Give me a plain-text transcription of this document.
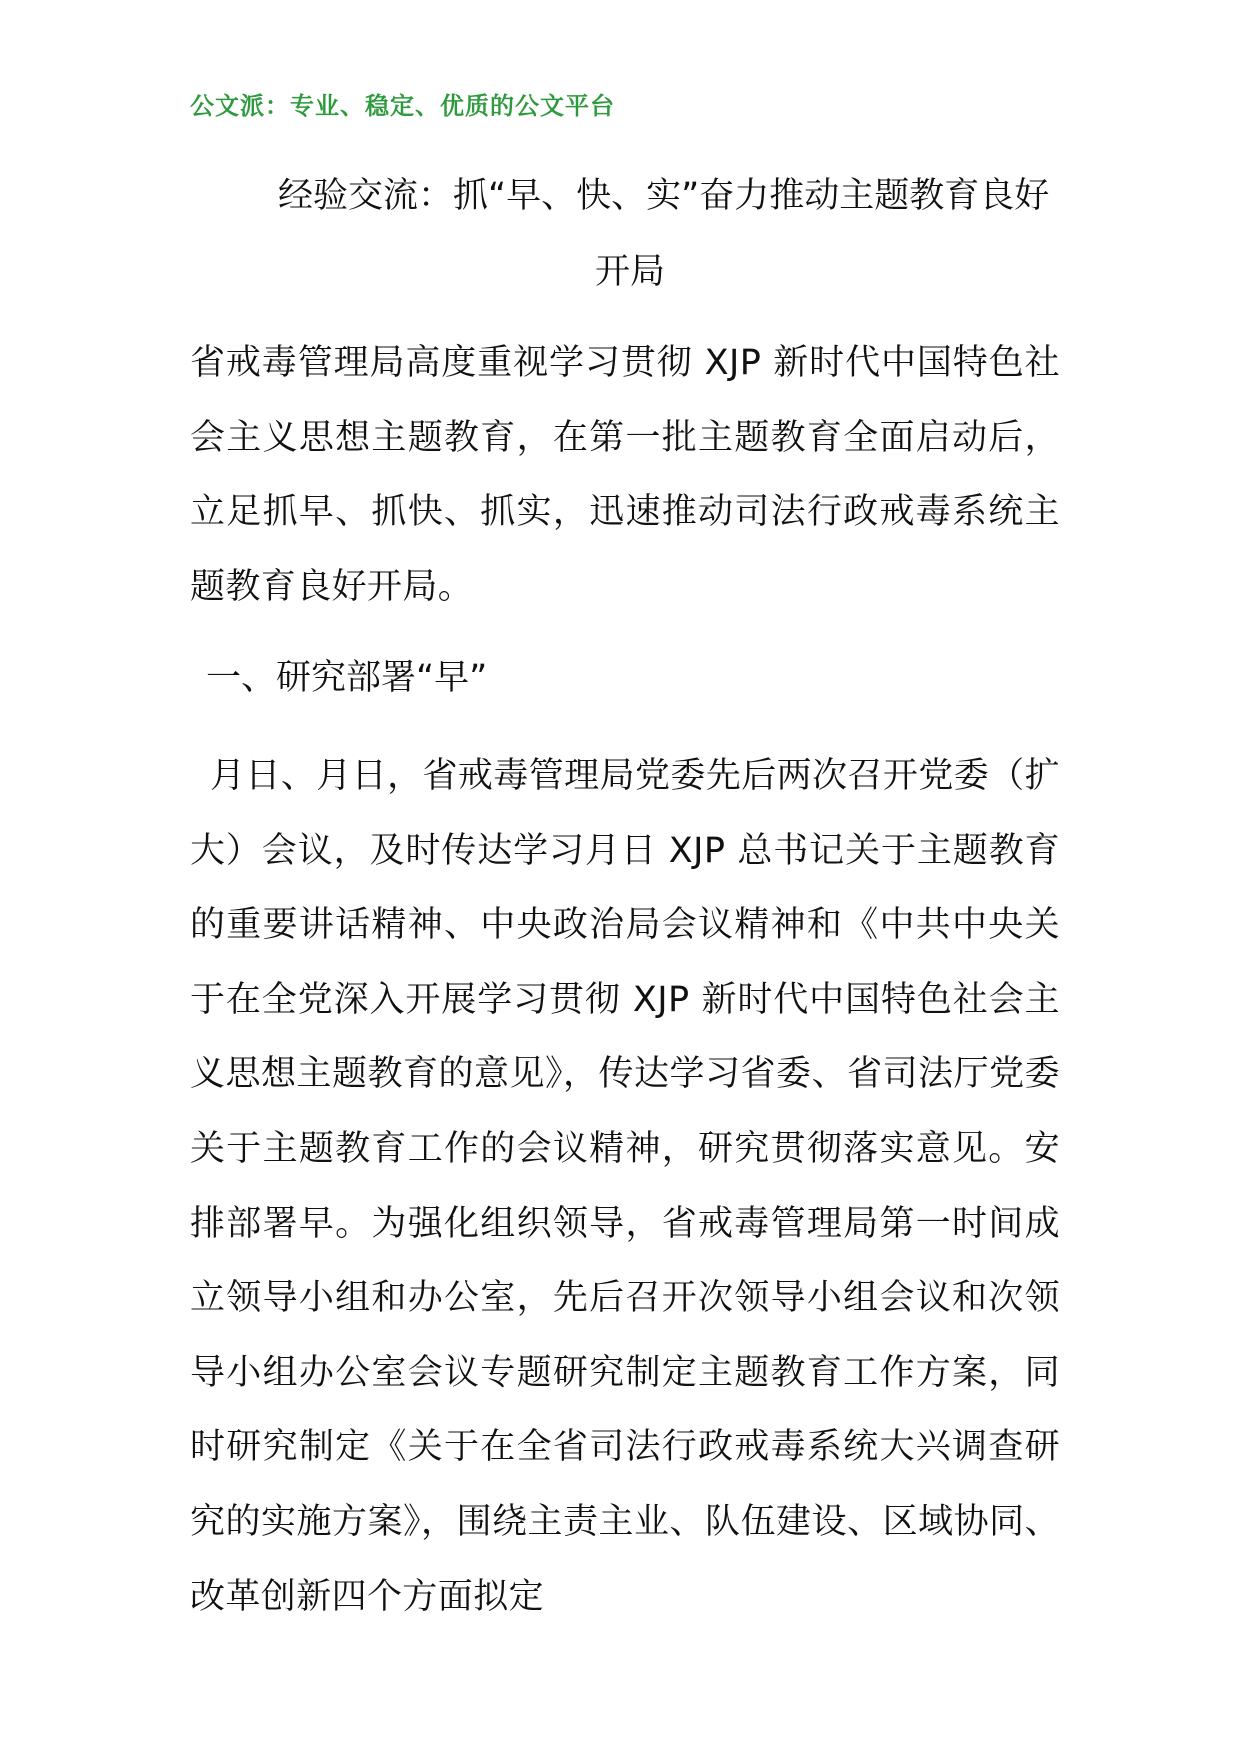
公文派：专业、稳定、优质的公文平台
经验交流：抓“早、快、实”奋力推动主题教育良好
开局
省戒毒管理局高度重视学习贯彻 XJP 新时代中国特色社会主义思想主题教育，在第一批主题教育全面启动后，立足抓早、抓快、抓实，迅速推动司法行政戒毒系统主题教育良好开局。
一、研究部署“早”
月日、月日，省戒毒管理局党委先后两次召开党委（扩大）会议，及时传达学习月日 XJP 总书记关于主题教育的重要讲话精神、中央政治局会议精神和《中共中央关于在全党深入开展学习贯彻 XJP 新时代中国特色社会主义思想主题教育的意见》，传达学习省委、省司法厅党委关于主题教育工作的会议精神，研究贯彻落实意见。安排部署早。为强化组织领导，省戒毒管理局第一时间成立领导小组和办公室，先后召开次领导小组会议和次领导小组办公室会议专题研究制定主题教育工作方案，同时研究制定《关于在全省司法行政戒毒系统大兴调查研究的实施方案》，围绕主责主业、队伍建设、区域协同、改革创新四个方面拟定
